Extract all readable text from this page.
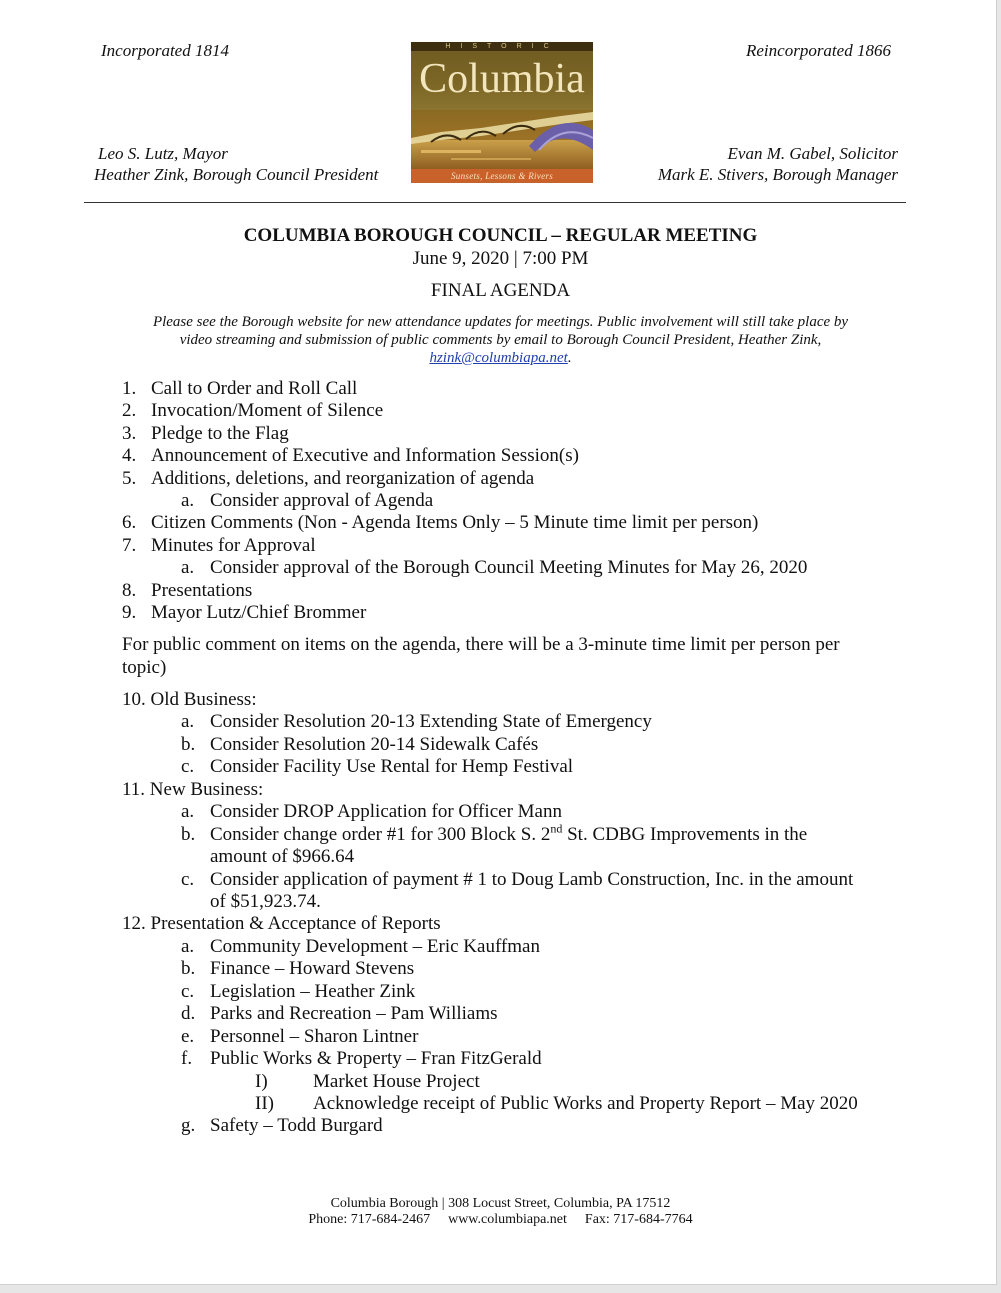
Incorporated 1814	Reincorporated 1866
Leo S. Lutz, Mayor
Heather Zink, Borough Council President
Evan M. Gabel, Solicitor
Mark E. Stivers, Borough Manager
HISTORIC
Columbia
Sunsets, Lessons & Rivers
COLUMBIA BOROUGH COUNCIL – REGULAR MEETING
June 9, 2020 | 7:00 PM
FINAL AGENDA
Please see the Borough website for new attendance updates for meetings. Public involvement will still take place by
video streaming and submission of public comments by email to Borough Council President, Heather Zink,
hzink@columbiapa.net.
1. Call to Order and Roll Call
2. Invocation/Moment of Silence
3. Pledge to the Flag
4. Announcement of Executive and Information Session(s)
5. Additions, deletions, and reorganization of agenda
a. Consider approval of Agenda
6. Citizen Comments (Non - Agenda Items Only – 5 Minute time limit per person)
7. Minutes for Approval
a. Consider approval of the Borough Council Meeting Minutes for May 26, 2020
8. Presentations
9. Mayor Lutz/Chief Brommer
For public comment on items on the agenda, there will be a 3-minute time limit per person per
topic)
10. Old Business:
a. Consider Resolution 20-13 Extending State of Emergency
b. Consider Resolution 20-14 Sidewalk Cafés
c. Consider Facility Use Rental for Hemp Festival
11. New Business:
a. Consider DROP Application for Officer Mann
b. Consider change order #1 for 300 Block S. 2nd St. CDBG Improvements in the
amount of $966.64
c. Consider application of payment # 1 to Doug Lamb Construction, Inc. in the amount
of $51,923.74.
12. Presentation & Acceptance of Reports
a. Community Development – Eric Kauffman
b. Finance – Howard Stevens
c. Legislation – Heather Zink
d. Parks and Recreation – Pam Williams
e. Personnel – Sharon Lintner
f. Public Works & Property – Fran FitzGerald
I) Market House Project
II) Acknowledge receipt of Public Works and Property Report – May 2020
g. Safety – Todd Burgard
Columbia Borough | 308 Locust Street, Columbia, PA 17512
Phone: 717-684-2467 www.columbiapa.net Fax: 717-684-7764
